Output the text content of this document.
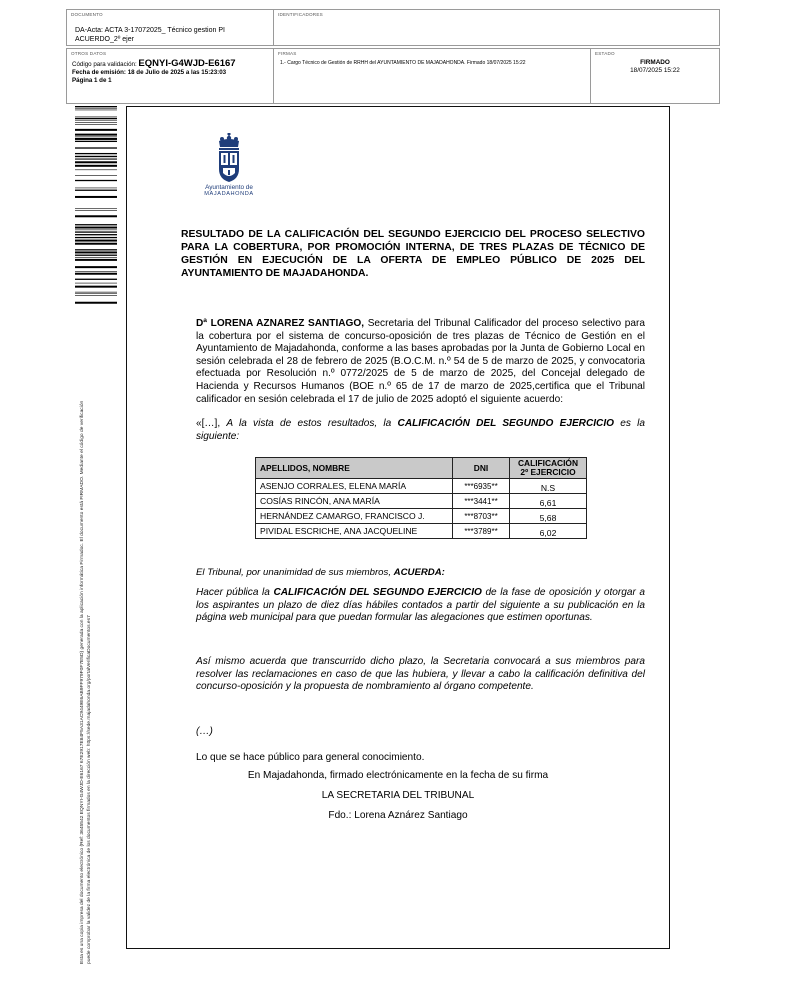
DOCUMENTO
DA-Acta: ACTA 3-17072025_ Técnico gestion PI ACUERDO_2º ejer
IDENTIFICADORES
OTROS DATOS
Código para validación: EQNYI-G4WJD-E6167
Fecha de emisión: 18 de Julio de 2025 a las 15:23:03
Página 1 de 1
FIRMAS
1.- Cargo Técnico de Gestión de RRHH del AYUNTAMIENTO DE MAJADAHONDA. Firmado 18/07/2025 15:22
ESTADO
FIRMADO
18/07/2025 15:22
Esta es una copia impresa del documento electrónico (Ref: 3645542 EQNYI-G4WJD-E6167 67E2917E84F5A31AC9449E6AB9FF979F0F7E5D) generada con la aplicación informática Firmadoc. El documento está FIRMADO. Mediante el código de verificación puede comprobar la validez de la firma electrónica de los documentos firmados en la dirección web: https://sede.majadahonda.org/portalVerificaDocumentos.es7
Ayuntamiento de
MAJADAHONDA
RESULTADO DE LA CALIFICACIÓN DEL SEGUNDO EJERCICIO DEL PROCESO SELECTIVO PARA LA COBERTURA, POR PROMOCIÓN INTERNA, DE TRES PLAZAS DE TÉCNICO DE GESTIÓN EN EJECUCIÓN DE LA OFERTA DE EMPLEO PÚBLICO DE 2025 DEL AYUNTAMIENTO DE MAJADAHONDA.
Dª LORENA AZNAREZ SANTIAGO, Secretaria del Tribunal Calificador del proceso selectivo para la cobertura por el sistema de concurso-oposición de tres plazas de Técnico de Gestión en el Ayuntamiento de Majadahonda, conforme a las bases aprobadas por la Junta de Gobierno Local en sesión celebrada el 28 de febrero de 2025 (B.O.C.M. n.º 54 de 5 de marzo de 2025, y convocatoria efectuada por Resolución n.º 0772/2025 de 5 de marzo de 2025, del Concejal delegado de Hacienda y Recursos Humanos (BOE n.º 65 de 17 de marzo de 2025,certifica que el Tribunal calificador en sesión celebrada el 17 de julio de 2025 adoptó el siguiente acuerdo:
«[…], A la vista de estos resultados, la CALIFICACIÓN DEL SEGUNDO EJERCICIO es la siguiente:
APELLIDOS, NOMBRE	DNI	CALIFICACIÓN
2º EJERCICIO
ASENJO CORRALES, ELENA MARÍA	***6935**	N.S
COSÍAS RINCÓN, ANA MARÍA	***3441**	6,61
HERNÁNDEZ CAMARGO, FRANCISCO J.	***8703**	5,68
PIVIDAL ESCRICHE, ANA JACQUELINE	***3789**	6,02
El Tribunal, por unanimidad de sus miembros, ACUERDA:
Hacer pública la CALIFICACIÓN DEL SEGUNDO EJERCICIO de la fase de oposición y otorgar a los aspirantes un plazo de diez días hábiles contados a partir del siguiente a su publicación en la página web municipal para que puedan formular las alegaciones que estimen oportunas.
Así mismo acuerda que transcurrido dicho plazo, la Secretaria convocará a sus miembros para resolver las reclamaciones en caso de que las hubiera, y llevar a cabo la calificación definitiva del concurso-oposición y la propuesta de nombramiento al órgano competente.
(…)
Lo que se hace público para general conocimiento.
En Majadahonda, firmado electrónicamente en la fecha de su firma
LA SECRETARIA DEL TRIBUNAL
Fdo.: Lorena Aznárez Santiago
